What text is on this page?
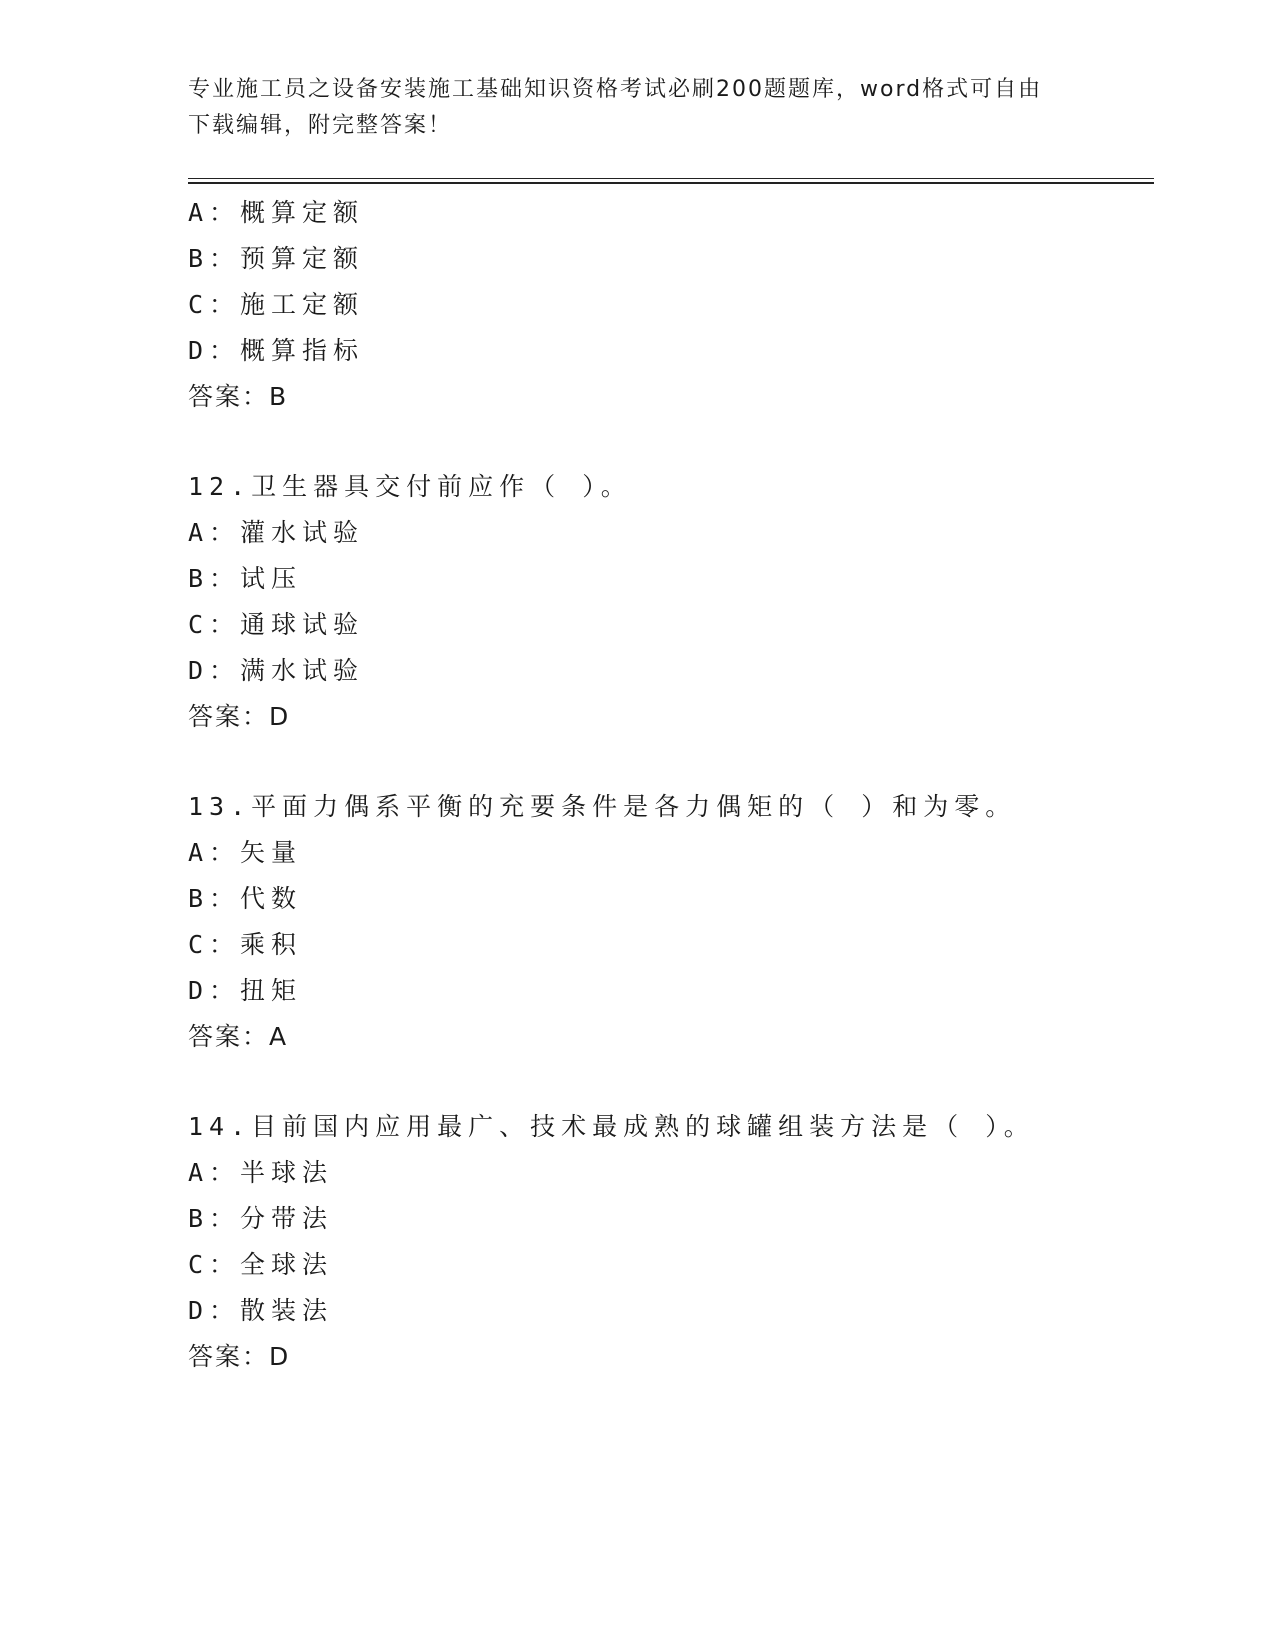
专业施工员之设备安装施工基础知识资格考试必刷200题题库，word格式可自由
下载编辑，附完整答案！
A：概算定额
B：预算定额
C：施工定额
D：概算指标
答案：B
12.卫生器具交付前应作（ ）。
A：灌水试验
B：试压
C：通球试验
D：满水试验
答案：D
13.平面力偶系平衡的充要条件是各力偶矩的（ ）和为零。
A：矢量
B：代数
C：乘积
D：扭矩
答案：A
14.目前国内应用最广、技术最成熟的球罐组装方法是（ ）。
A：半球法
B：分带法
C：全球法
D：散装法
答案：D
